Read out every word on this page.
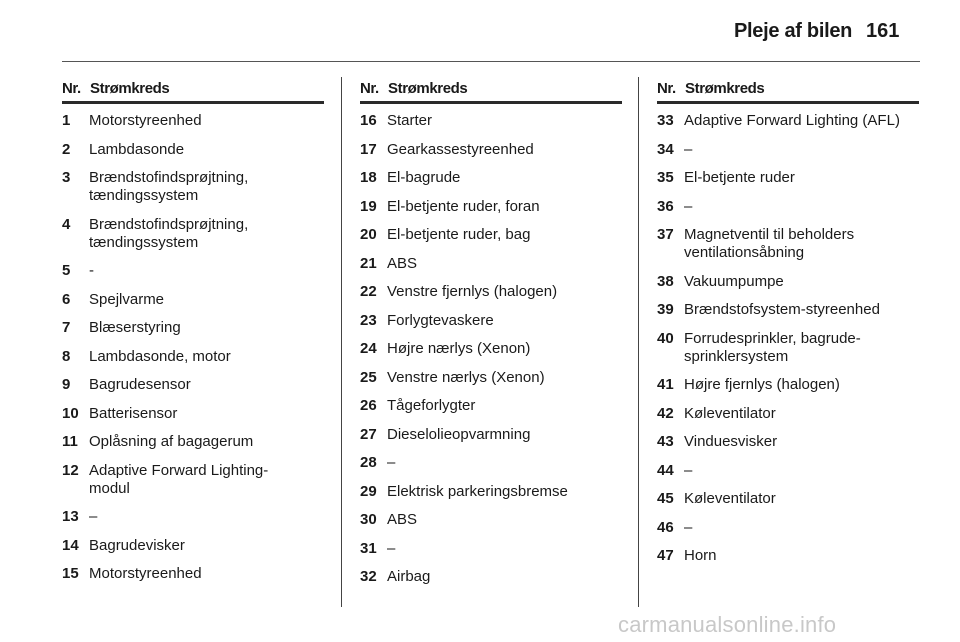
Pleje af bilen 161
Nr. Strømkreds
1	Motorstyreenhed
2	Lambdasonde
3	Brændstofindsprøjtning,
tændingssystem
4	Brændstofindsprøjtning,
tændingssystem
5	-
6	Spejlvarme
7	Blæserstyring
8	Lambdasonde, motor
9	Bagrudesensor
10 Batterisensor
11 Oplåsning af bagagerum
12 Adaptive Forward Lighting-
modul
13 –
14 Bagrudevisker
15 Motorstyreenhed
Nr. Strømkreds
16 Starter
17 Gearkassestyreenhed
18 El-bagrude
19 El-betjente ruder, foran
20 El-betjente ruder, bag
21 ABS
22 Venstre fjernlys (halogen)
23 Forlygtevaskere
24 Højre nærlys (Xenon)
25 Venstre nærlys (Xenon)
26 Tågeforlygter
27 Dieselolieopvarmning
28 –
29 Elektrisk parkeringsbremse
30 ABS
31 –
32 Airbag
Nr. Strømkreds
33 Adaptive Forward Lighting (AFL)
34 –
35 El-betjente ruder
36 –
37 Magnetventil til beholders
ventilationsåbning
38 Vakuumpumpe
39 Brændstofsystem-styreenhed
40 Forrudesprinkler, bagrude-
sprinklersystem
41 Højre fjernlys (halogen)
42 Køleventilator
43 Vinduesvisker
44 –
45 Køleventilator
46 –
47 Horn
carmanualsonline.info
